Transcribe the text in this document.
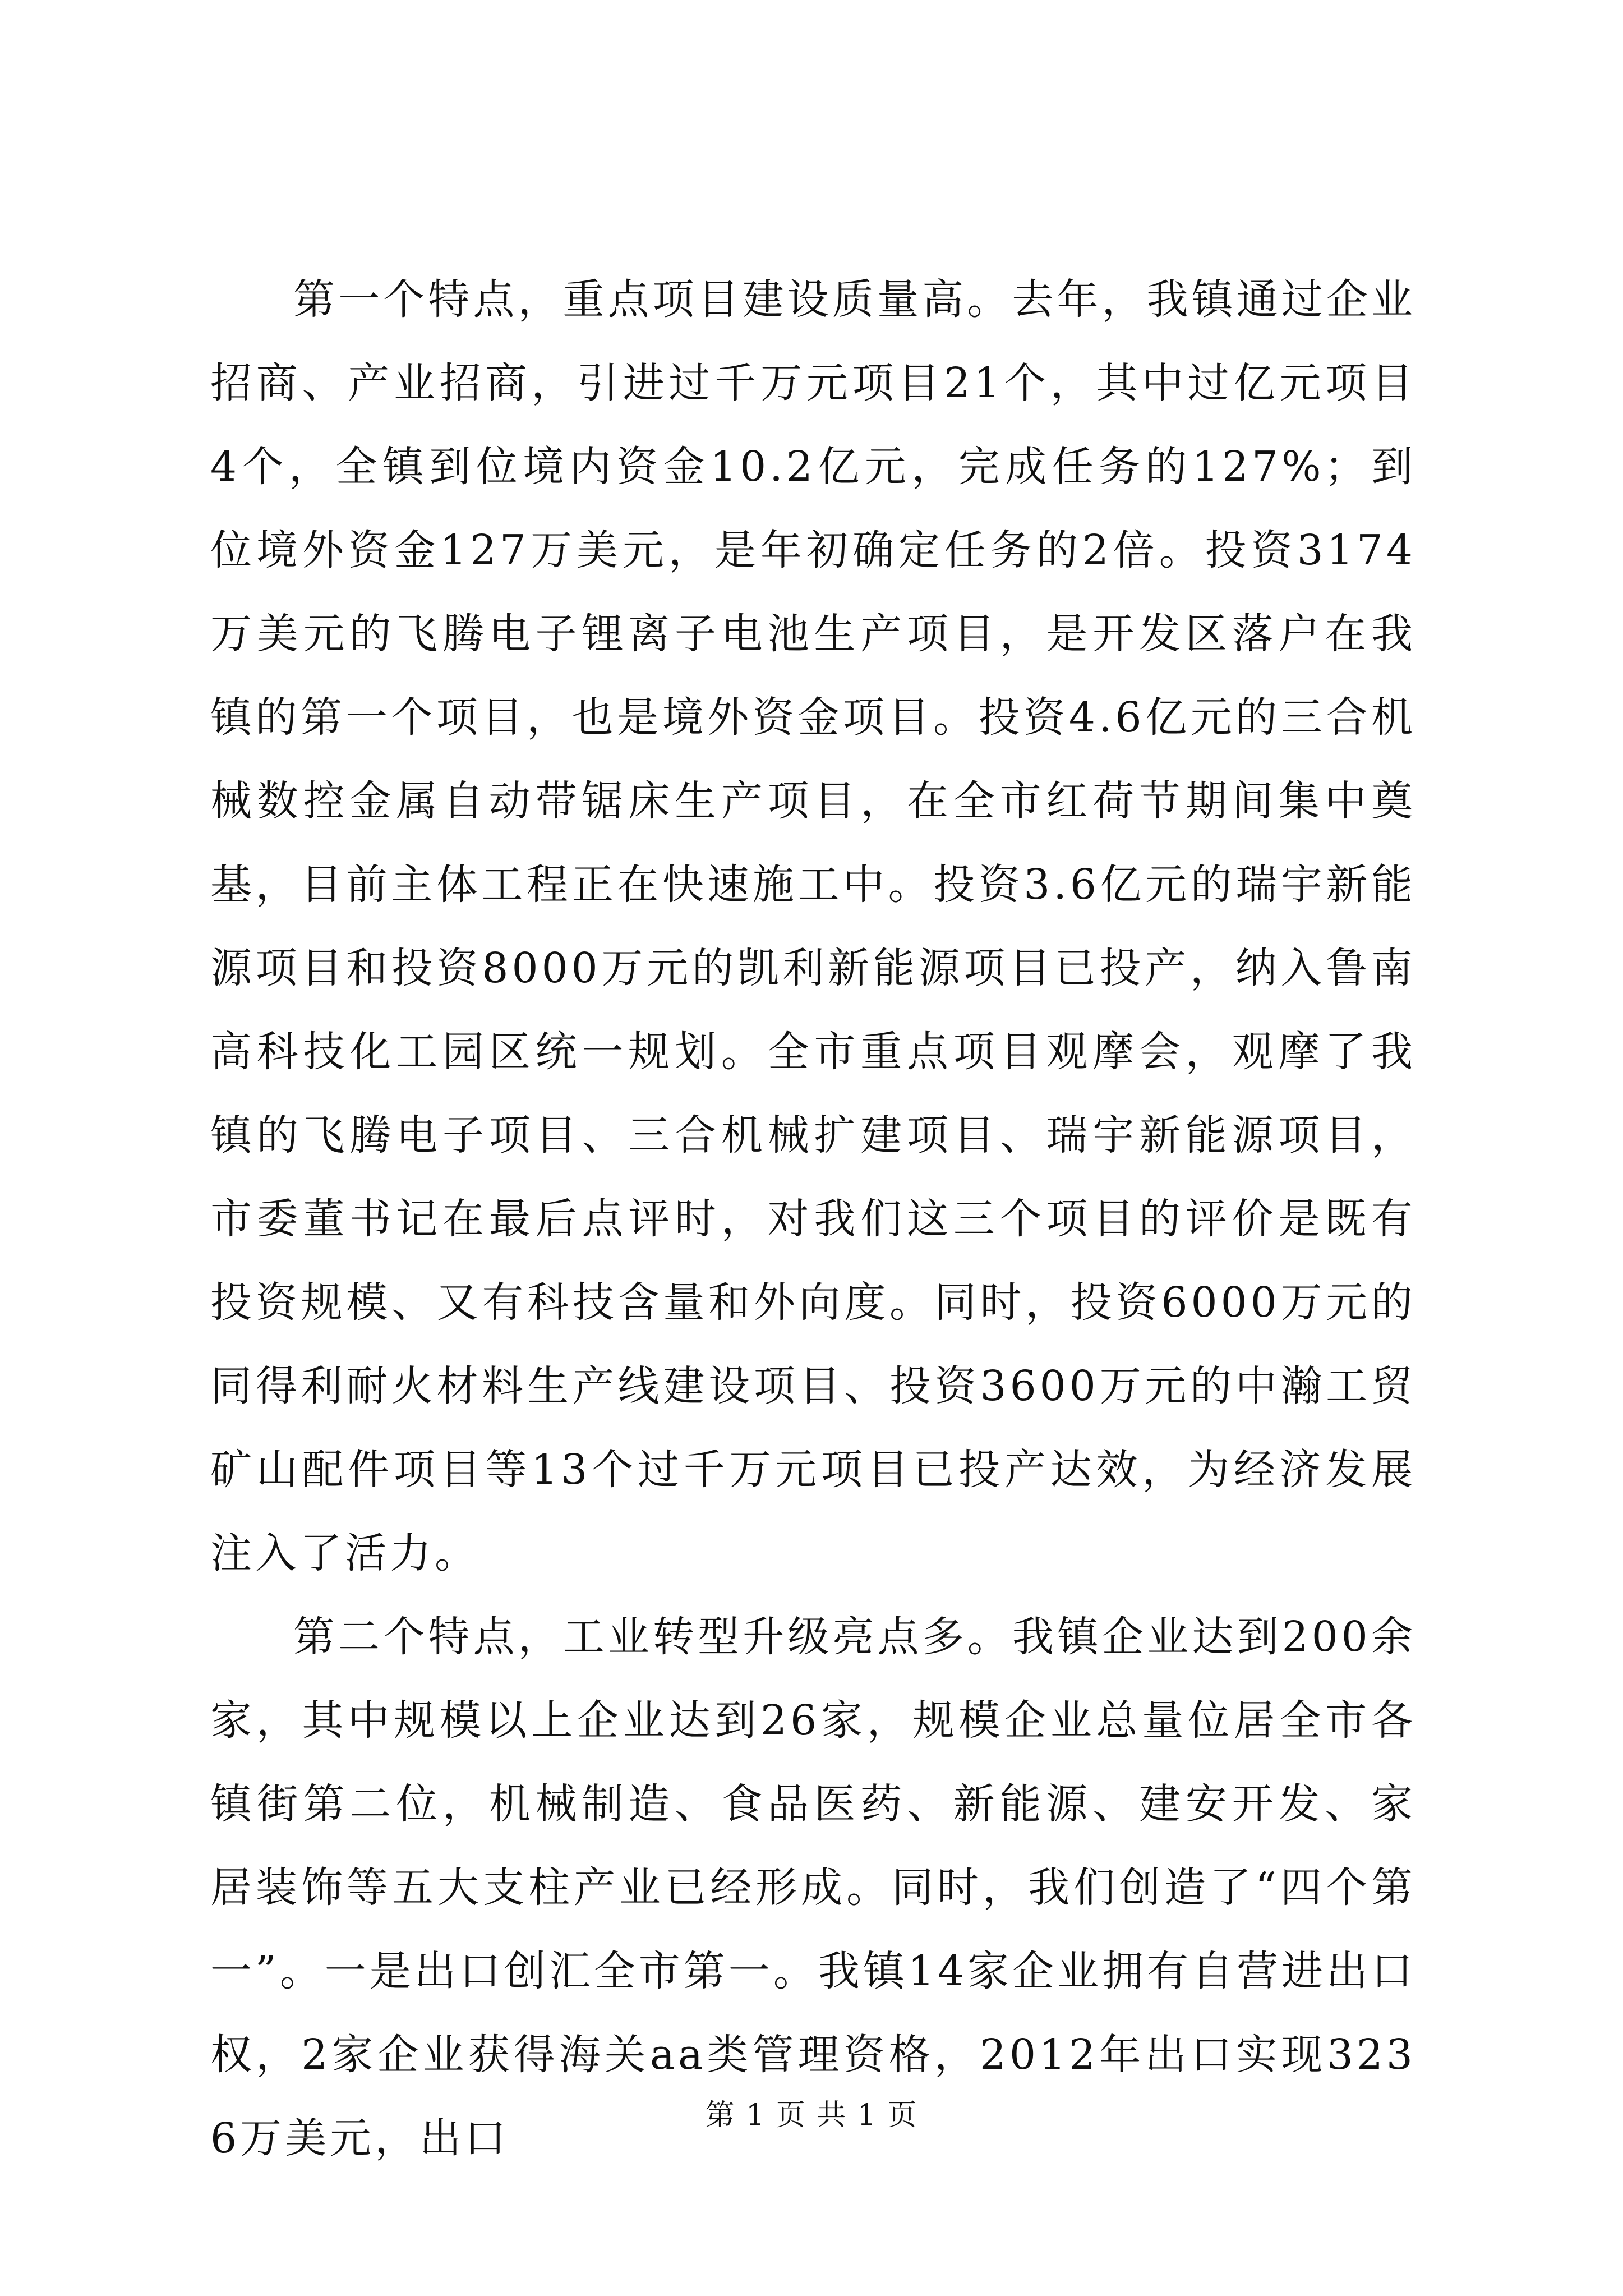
第一个特点，重点项目建设质量高。去年，我镇通过企业招商、产业招商，引进过千万元项目21个，其中过亿元项目4个，全镇到位境内资金10.2亿元，完成任务的127%；到位境外资金127万美元，是年初确定任务的2倍。投资3174万美元的飞腾电子锂离子电池生产项目，是开发区落户在我镇的第一个项目，也是境外资金项目。投资4.6亿元的三合机械数控金属自动带锯床生产项目，在全市红荷节期间集中奠基，目前主体工程正在快速施工中。投资3.6亿元的瑞宇新能源项目和投资8000万元的凯利新能源项目已投产，纳入鲁南高科技化工园区统一规划。全市重点项目观摩会，观摩了我镇的飞腾电子项目、三合机械扩建项目、瑞宇新能源项目，市委董书记在最后点评时，对我们这三个项目的评价是既有投资规模、又有科技含量和外向度。同时，投资6000万元的同得利耐火材料生产线建设项目、投资3600万元的中瀚工贸矿山配件项目等13个过千万元项目已投产达效，为经济发展注入了活力。

第二个特点，工业转型升级亮点多。我镇企业达到200余家，其中规模以上企业达到26家，规模企业总量位居全市各镇街第二位，机械制造、食品医药、新能源、建安开发、家居装饰等五大支柱产业已经形成。同时，我们创造了“四个第一”。一是出口创汇全市第一。我镇14家企业拥有自营进出口权，2家企业获得海关aa类管理资格，2012年出口实现3236万美元，出口	第 1 页 共 1 页
